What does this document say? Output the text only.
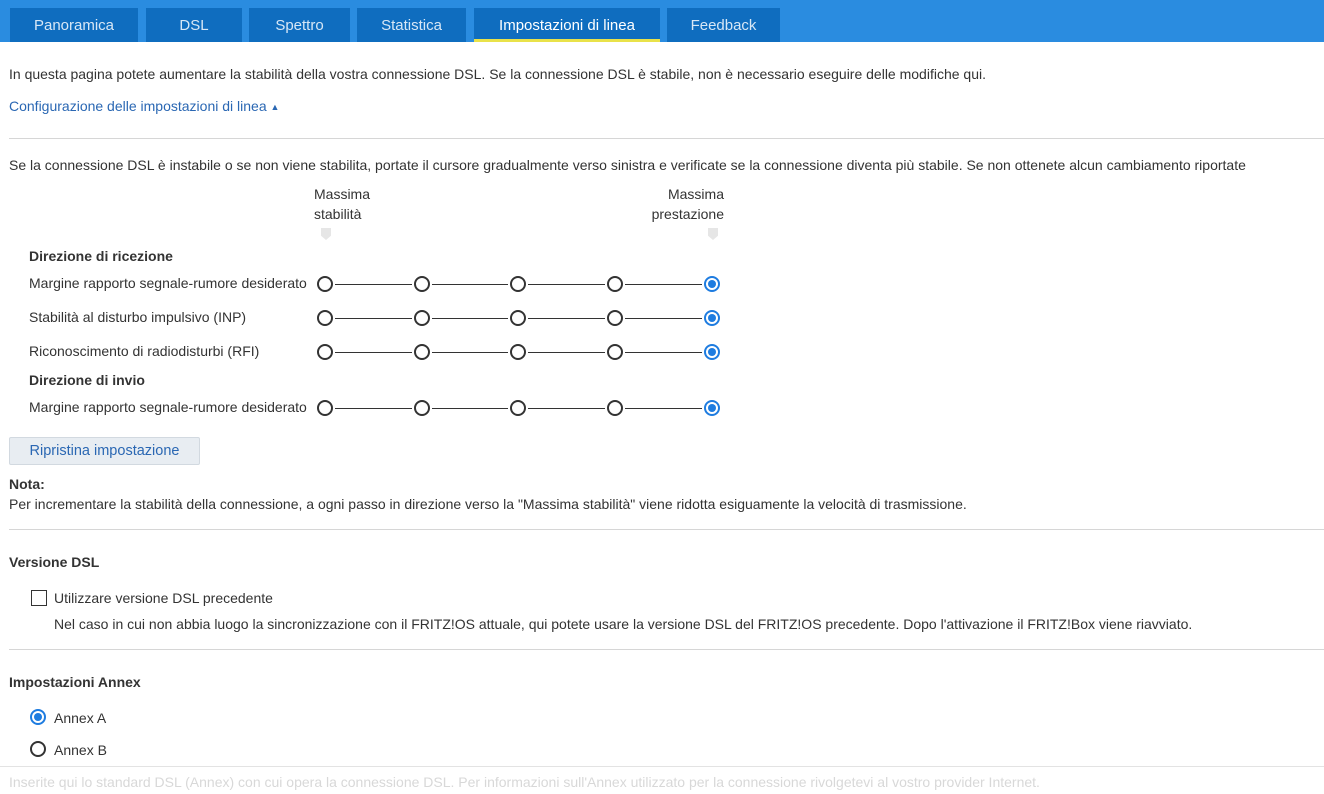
Panoramica	DSL	Spettro	Statistica	Impostazioni di linea	Feedback
In questa pagina potete aumentare la stabilità della vostra connessione DSL. Se la connessione DSL è stabile, non è necessario eseguire delle modifiche qui.
Configurazione delle impostazioni di linea ▲
Se la connessione DSL è instabile o se non viene stabilita, portate il cursore gradualmente verso sinistra e verificate se la connessione diventa più stabile. Se non ottenete alcun cambiamento riportate
Massima
stabilità
Massima
prestazione
Direzione di ricezione
Direzione di invio
Margine rapporto segnale-rumore desiderato
Stabilità al disturbo impulsivo (INP)
Riconoscimento di radiodisturbi (RFI)
Margine rapporto segnale-rumore desiderato
Ripristina impostazione
Nota:
Per incrementare la stabilità della connessione, a ogni passo in direzione verso la "Massima stabilità" viene ridotta esiguamente la velocità di trasmissione.
Versione DSL
Utilizzare versione DSL precedente
Nel caso in cui non abbia luogo la sincronizzazione con il FRITZ!OS attuale, qui potete usare la versione DSL del FRITZ!OS precedente. Dopo l'attivazione il FRITZ!Box viene riavviato.
Impostazioni Annex
Annex A
Annex B
Inserite qui lo standard DSL (Annex) con cui opera la connessione DSL. Per informazioni sull'Annex utilizzato per la connessione rivolgetevi al vostro provider Internet.
